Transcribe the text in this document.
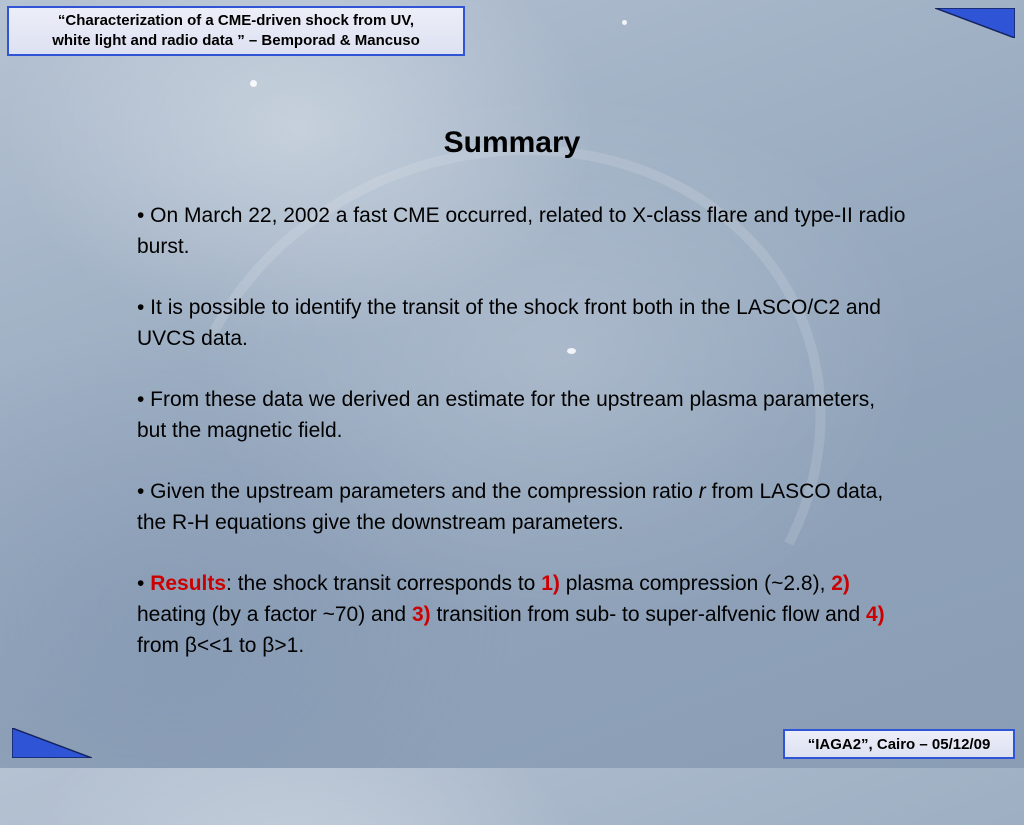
“Characterization of a CME-driven shock from UV,
white light and radio data ” – Bemporad & Mancuso
Summary
• On March 22, 2002 a fast CME occurred, related to X-class flare and type-II radio burst.
• It is possible to identify the transit of the shock front both in the LASCO/C2 and UVCS data.
• From these data we derived an estimate for the upstream plasma parameters, but the magnetic field.
• Given the upstream parameters and the compression ratio r from LASCO data, the R-H equations give the downstream parameters.
• Results: the shock transit corresponds to 1) plasma compression (~2.8), 2) heating (by a factor ~70) and 3) transition from sub- to super-alfvenic flow and 4) from β<<1 to β>1.
“IAGA2”, Cairo – 05/12/09
